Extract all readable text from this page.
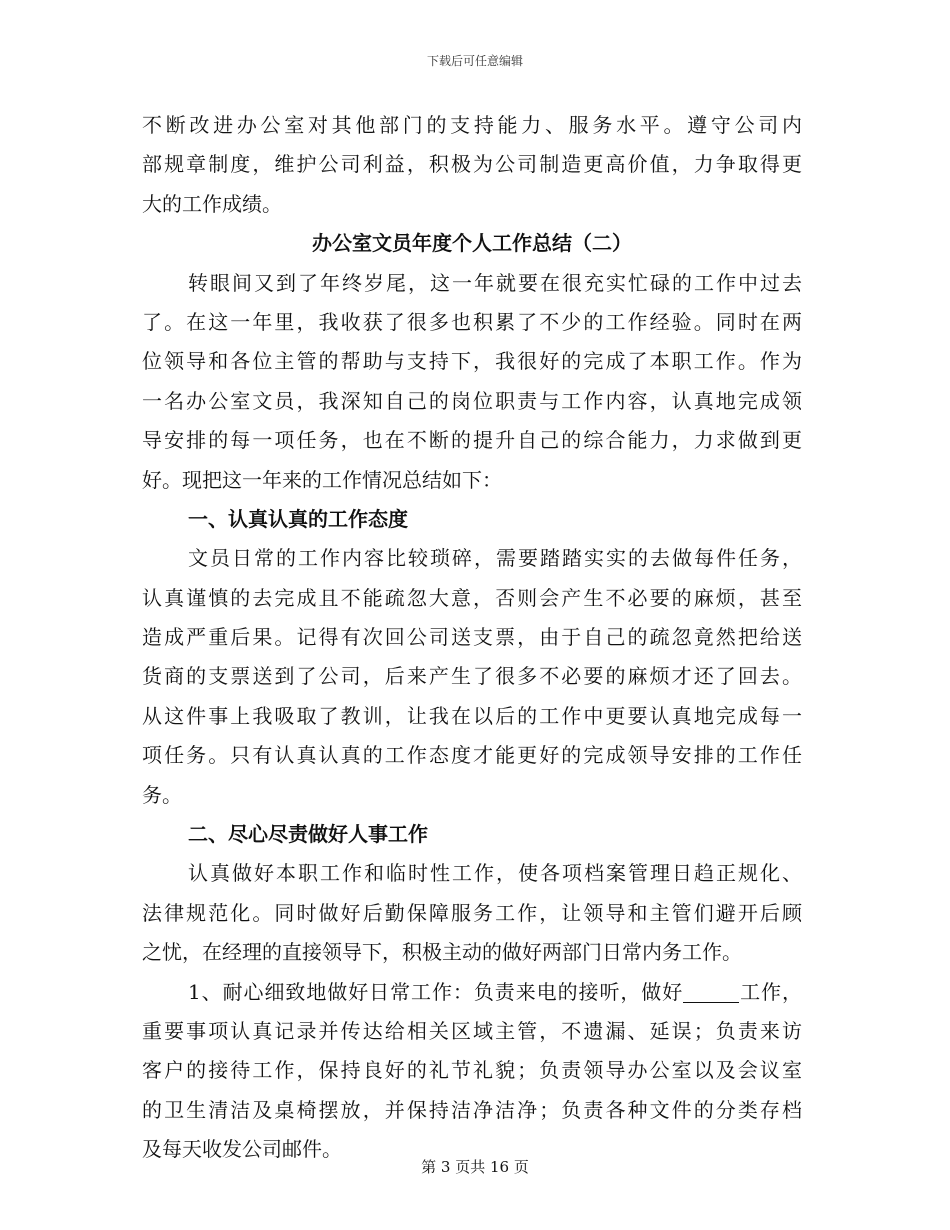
下载后可任意编辑
不断改进办公室对其他部门的支持能力、服务水平。遵守公司内
部规章制度，维护公司利益，积极为公司制造更高价值，力争取得更
大的工作成绩。
办公室文员年度个人工作总结（二）
转眼间又到了年终岁尾，这一年就要在很充实忙碌的工作中过去
了。在这一年里，我收获了很多也积累了不少的工作经验。同时在两
位领导和各位主管的帮助与支持下，我很好的完成了本职工作。作为
一名办公室文员，我深知自己的岗位职责与工作内容，认真地完成领
导安排的每一项任务，也在不断的提升自己的综合能力，力求做到更
好。现把这一年来的工作情况总结如下：
一、认真认真的工作态度
文员日常的工作内容比较琐碎，需要踏踏实实的去做每件任务，
认真谨慎的去完成且不能疏忽大意，否则会产生不必要的麻烦，甚至
造成严重后果。记得有次回公司送支票，由于自己的疏忽竟然把给送
货商的支票送到了公司，后来产生了很多不必要的麻烦才还了回去。
从这件事上我吸取了教训，让我在以后的工作中更要认真地完成每一
项任务。只有认真认真的工作态度才能更好的完成领导安排的工作任
务。
二、尽心尽责做好人事工作
认真做好本职工作和临时性工作，使各项档案管理日趋正规化、
法律规范化。同时做好后勤保障服务工作，让领导和主管们避开后顾
之忧，在经理的直接领导下，积极主动的做好两部门日常内务工作。
1、耐心细致地做好日常工作：负责来电的接听，做好	工作，
重要事项认真记录并传达给相关区域主管，不遗漏、延误；负责来访
客户的接待工作，保持良好的礼节礼貌；负责领导办公室以及会议室
的卫生清洁及桌椅摆放，并保持洁净洁净；负责各种文件的分类存档
及每天收发公司邮件。
第 3 页共 16 页
